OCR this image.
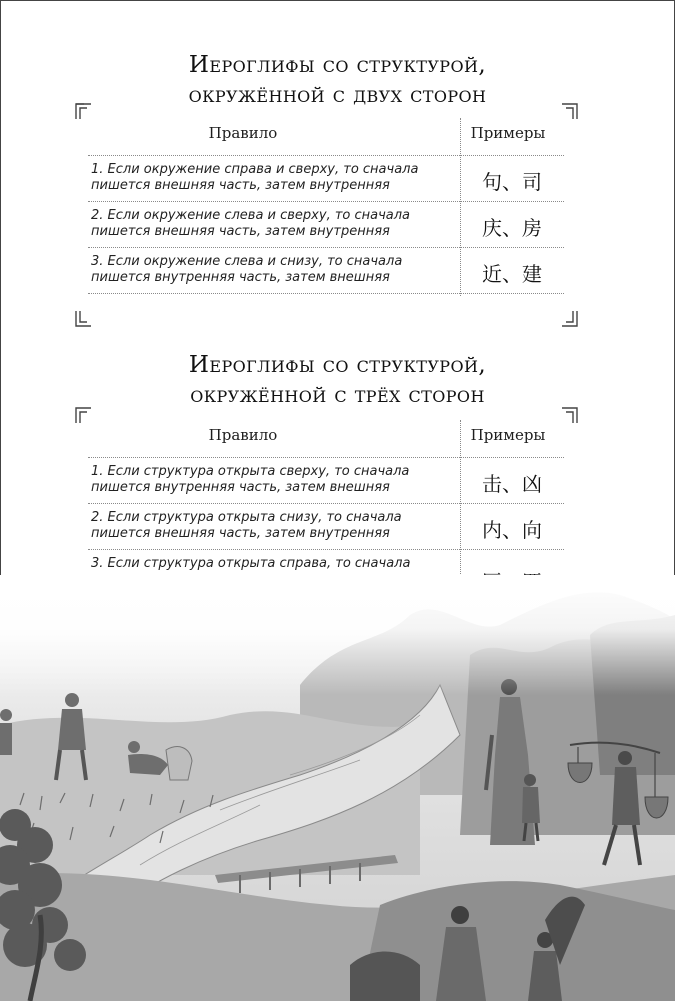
Иероглифы со структурой,
окружённой с двух сторон
Правило	Примеры
1. Если окружение справа и сверху, то сначала
пишется внешняя часть, затем внутренняя	句、司
2. Если окружение слева и сверху, то сначала
пишется внешняя часть, затем внутренняя	庆、房
3. Если окружение слева и снизу, то сначала
пишется внутренняя часть, затем внешняя	近、建
Иероглифы со структурой,
окружённой с трёх сторон
Правило	Примеры
1. Если структура открыта сверху, то сначала
пишется внутренняя часть, затем внешняя	击、凶
2. Если структура открыта снизу, то сначала
пишется внешняя часть, затем внутренняя	内、向
3. Если структура открыта справа, то сначала
